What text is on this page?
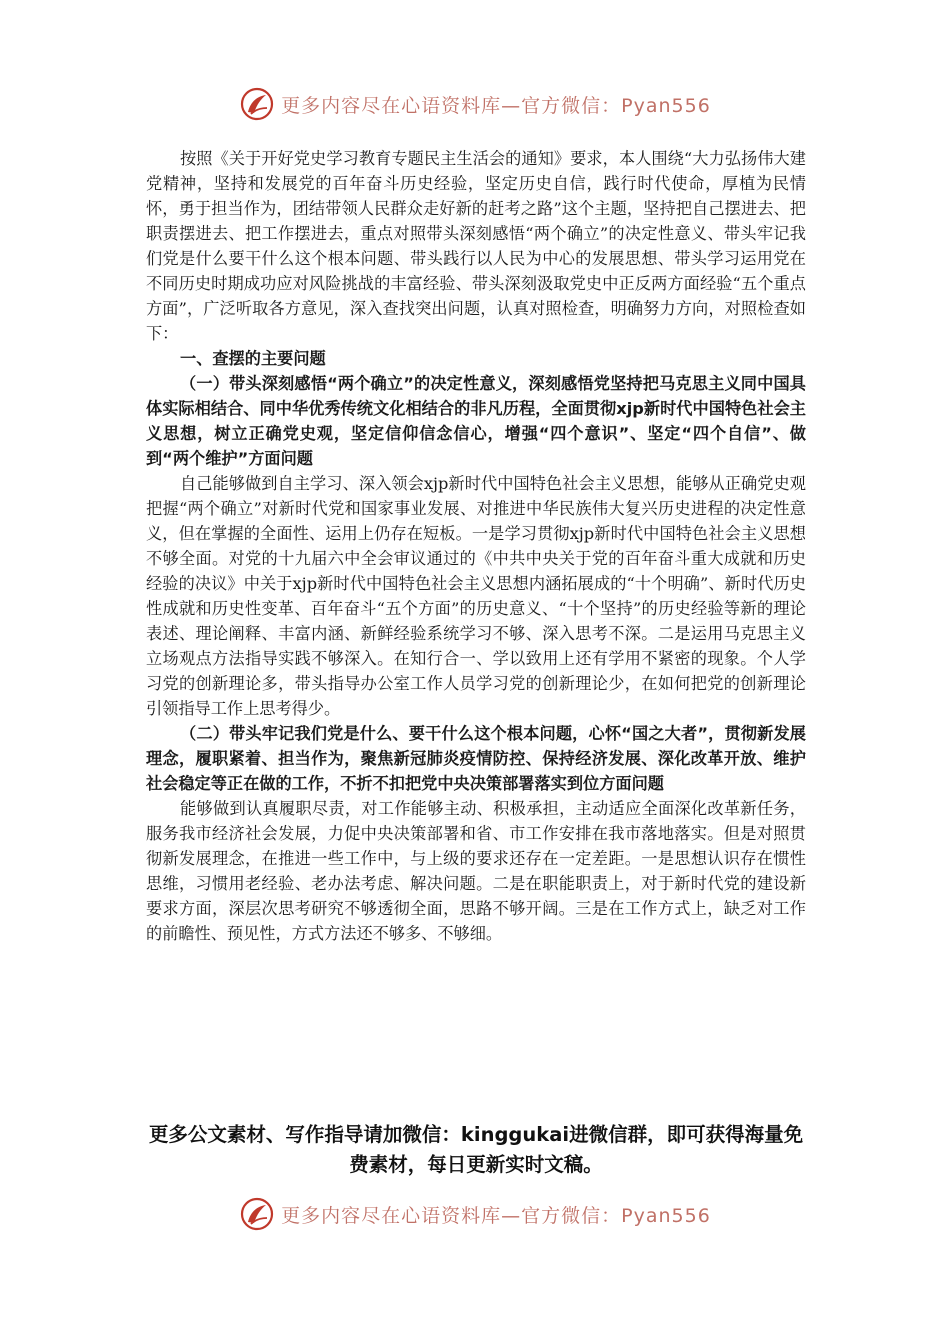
更多内容尽在心语资料库—官方微信：Pyan556

按照《关于开好党史学习教育专题民主生活会的通知》要求，本人围绕“大力弘扬伟大建党精神，坚持和发展党的百年奋斗历史经验，坚定历史自信，践行时代使命，厚植为民情怀，勇于担当作为，团结带领人民群众走好新的赶考之路”这个主题，坚持把自己摆进去、把职责摆进去、把工作摆进去，重点对照带头深刻感悟“两个确立”的决定性意义、带头牢记我们党是什么要干什么这个根本问题、带头践行以人民为中心的发展思想、带头学习运用党在不同历史时期成功应对风险挑战的丰富经验、带头深刻汲取党史中正反两方面经验“五个重点方面”，广泛听取各方意见，深入查找突出问题，认真对照检查，明确努力方向，对照检查如下：

一、查摆的主要问题

（一）带头深刻感悟“两个确立”的决定性意义，深刻感悟党坚持把马克思主义同中国具体实际相结合、同中华优秀传统文化相结合的非凡历程，全面贯彻xjp新时代中国特色社会主义思想，树立正确党史观，坚定信仰信念信心，增强“四个意识”、坚定“四个自信”、做到“两个维护”方面问题

自己能够做到自主学习、深入领会xjp新时代中国特色社会主义思想，能够从正确党史观把握“两个确立”对新时代党和国家事业发展、对推进中华民族伟大复兴历史进程的决定性意义，但在掌握的全面性、运用上仍存在短板。一是学习贯彻xjp新时代中国特色社会主义思想不够全面。对党的十九届六中全会审议通过的《中共中央关于党的百年奋斗重大成就和历史经验的决议》中关于xjp新时代中国特色社会主义思想内涵拓展成的“十个明确”、新时代历史性成就和历史性变革、百年奋斗“五个方面”的历史意义、“十个坚持”的历史经验等新的理论表述、理论阐释、丰富内涵、新鲜经验系统学习不够、深入思考不深。二是运用马克思主义立场观点方法指导实践不够深入。在知行合一、学以致用上还有学用不紧密的现象。个人学习党的创新理论多，带头指导办公室工作人员学习党的创新理论少，在如何把党的创新理论引领指导工作上思考得少。

（二）带头牢记我们党是什么、要干什么这个根本问题，心怀“国之大者”，贯彻新发展理念，履职紧着、担当作为，聚焦新冠肺炎疫情防控、保持经济发展、深化改革开放、维护社会稳定等正在做的工作，不折不扣把党中央决策部署落实到位方面问题

能够做到认真履职尽责，对工作能够主动、积极承担，主动适应全面深化改革新任务，服务我市经济社会发展，力促中央决策部署和省、市工作安排在我市落地落实。但是对照贯彻新发展理念，在推进一些工作中，与上级的要求还存在一定差距。一是思想认识存在惯性思维，习惯用老经验、老办法考虑、解决问题。二是在职能职责上，对于新时代党的建设新要求方面，深层次思考研究不够透彻全面，思路不够开阔。三是在工作方式上，缺乏对工作的前瞻性、预见性，方式方法还不够多、不够细。

更多公文素材、写作指导请加微信：kinggukai进微信群，即可获得海量免费素材，每日更新实时文稿。
更多内容尽在心语资料库—官方微信：Pyan556
